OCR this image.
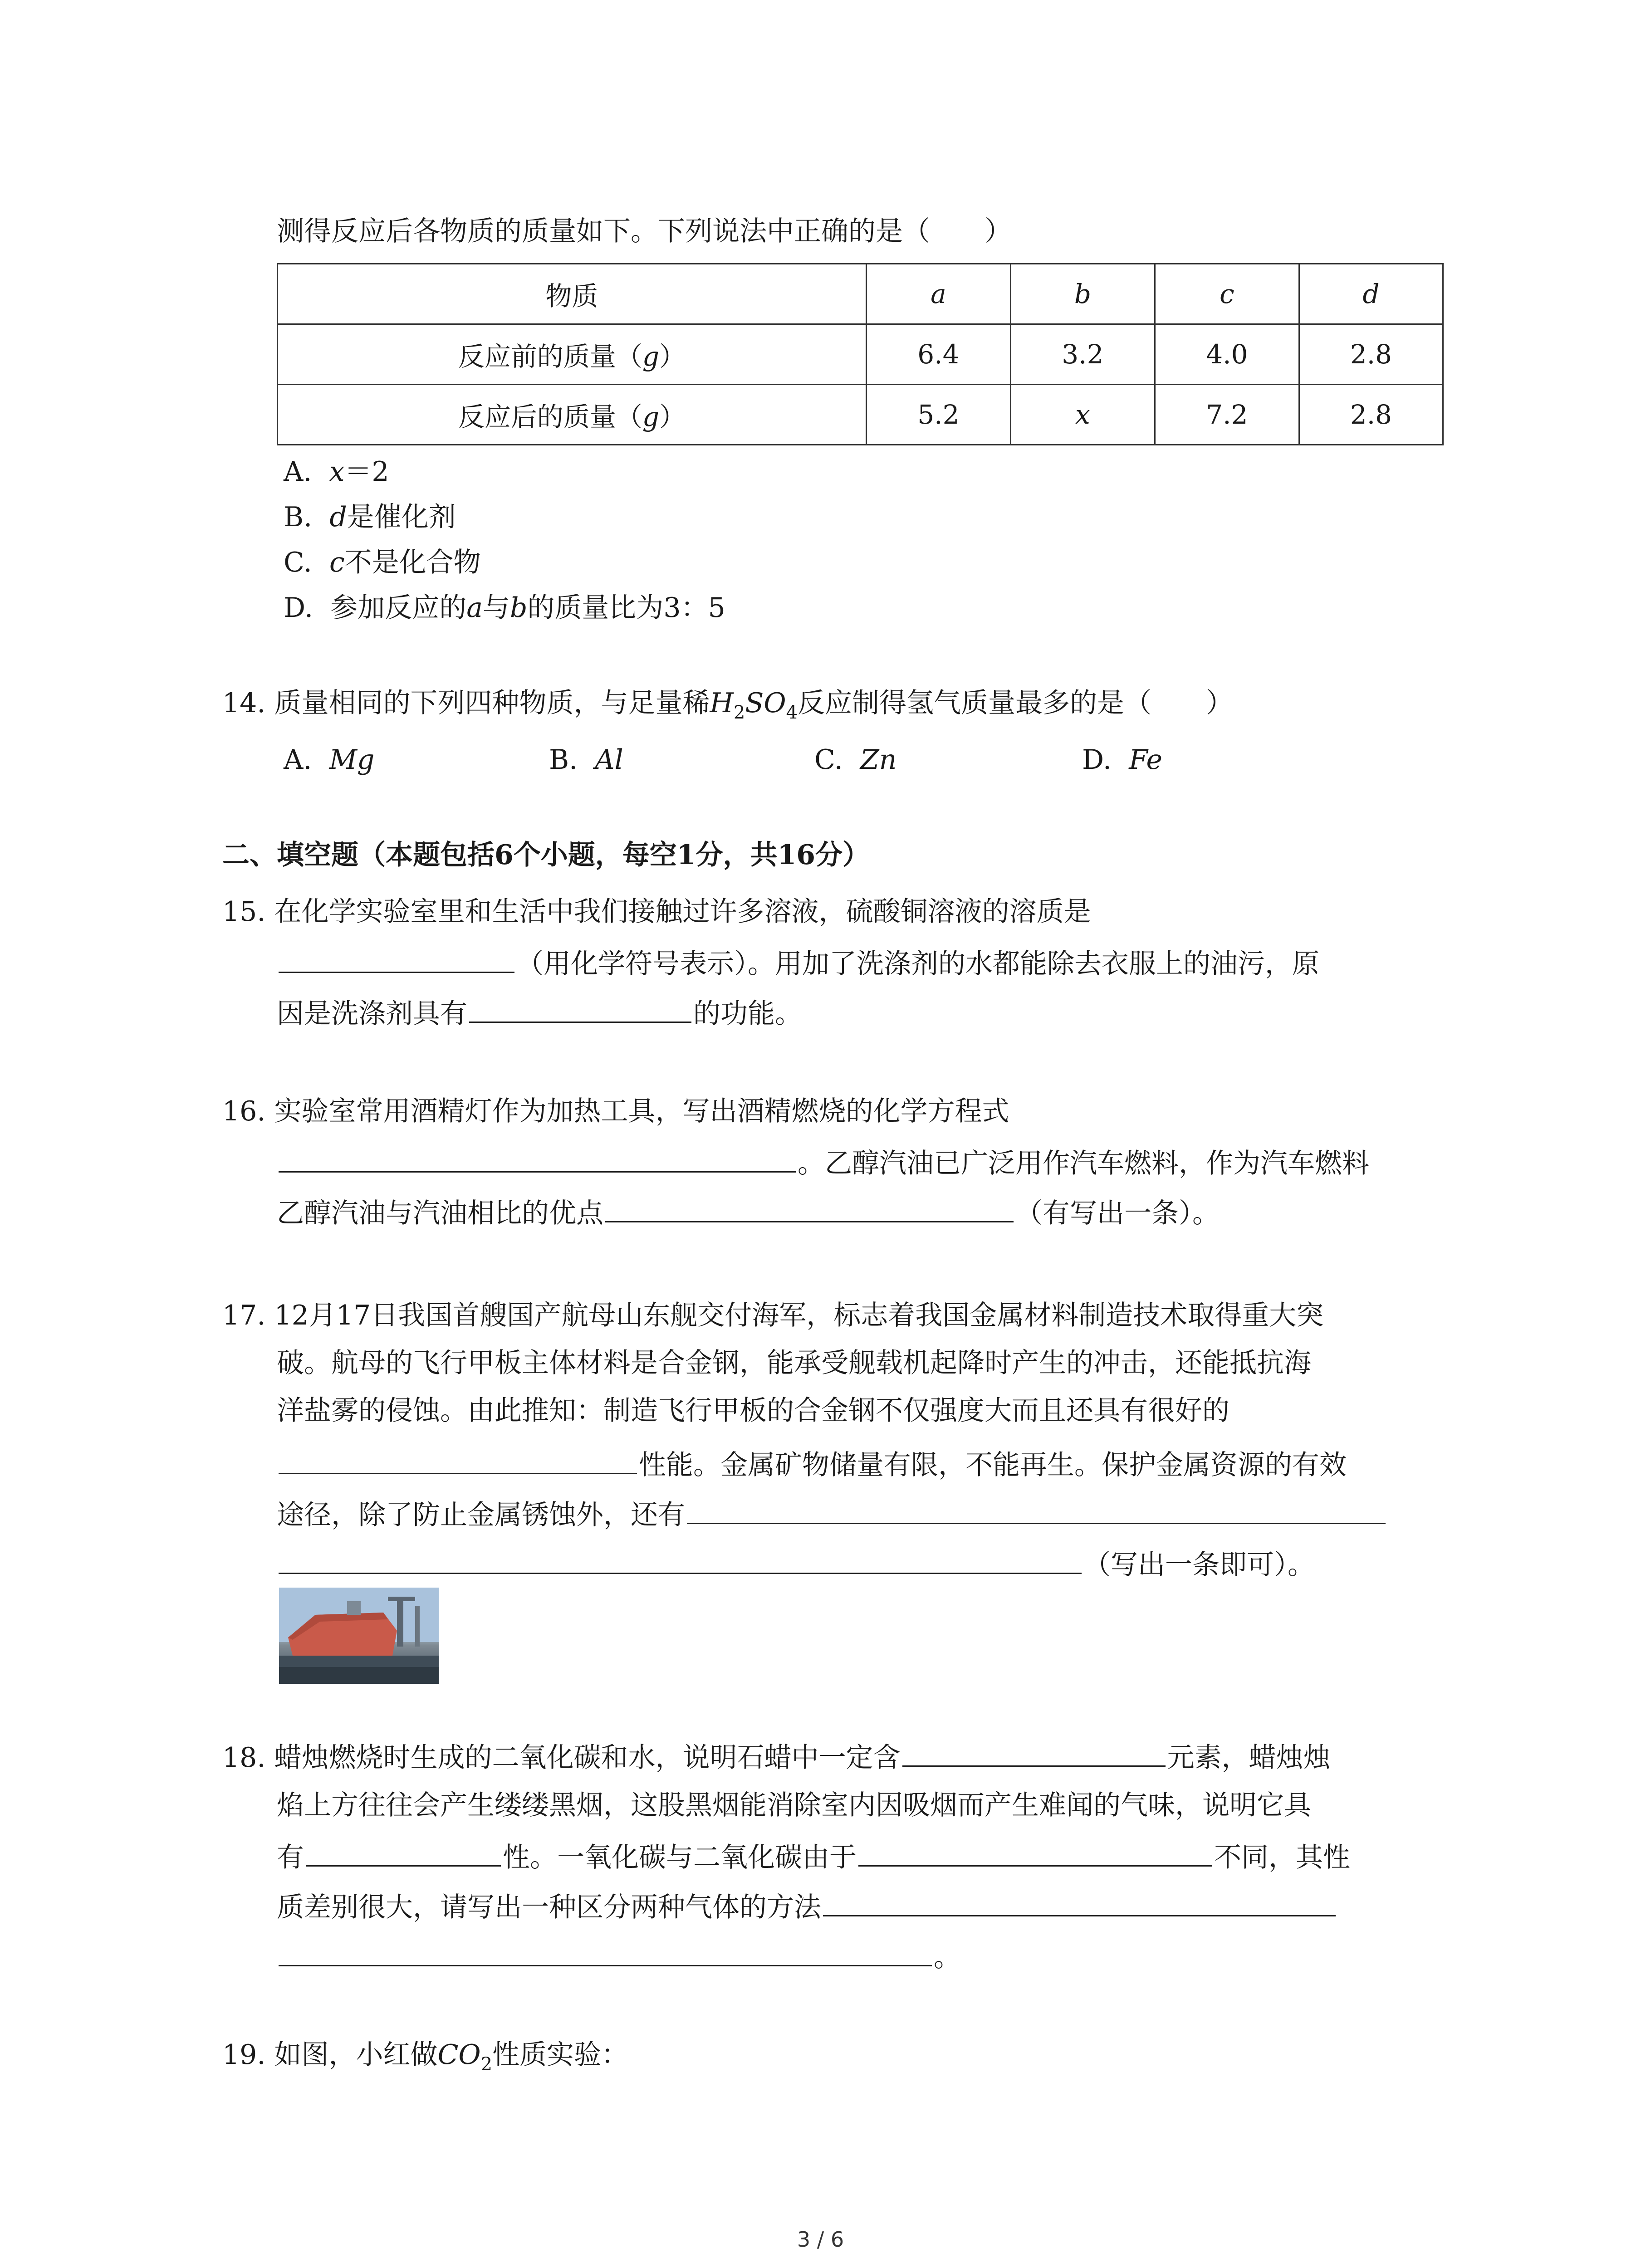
测得反应后各物质的质量如下。下列说法中正确的是（　　）
物质	a	b	c	d
反应前的质量（g）	6.4	3.2	4.0	2.8
反应后的质量（g）	5.2	x	7.2	2.8
A. x＝2
B. d是催化剂
C. c不是化合物
D. 参加反应的a与b的质量比为3：5
14. 质量相同的下列四种物质，与足量稀$H_2SO_4$反应制得氢气质量最多的是（　　）
A. Mg	B. Al	C. Zn	D. Fe
二、填空题（本题包括6个小题，每空1分，共16分）
15. 在化学实验室里和生活中我们接触过许多溶液，硫酸铜溶液的溶质是
（用化学符号表示）。用加了洗涤剂的水都能除去衣服上的油污，原
因是洗涤剂具有	的功能。
16. 实验室常用酒精灯作为加热工具，写出酒精燃烧的化学方程式
。乙醇汽油已广泛用作汽车燃料，作为汽车燃料
乙醇汽油与汽油相比的优点	（有写出一条）。
17. 12月17日我国首艘国产航母山东舰交付海军，标志着我国金属材料制造技术取得重大突
破。航母的飞行甲板主体材料是合金钢，能承受舰载机起降时产生的冲击，还能抵抗海
洋盐雾的侵蚀。由此推知：制造飞行甲板的合金钢不仅强度大而且还具有很好的
性能。金属矿物储量有限，不能再生。保护金属资源的有效
途径，除了防止金属锈蚀外，还有
（写出一条即可）。
18. 蜡烛燃烧时生成的二氧化碳和水，说明石蜡中一定含	元素，蜡烛烛
焰上方往往会产生缕缕黑烟，这股黑烟能消除室内因吸烟而产生难闻的气味，说明它具
有	性。一氧化碳与二氧化碳由于	不同，其性
质差别很大，请写出一种区分两种气体的方法
。
19. 如图，小红做$CO_2$性质实验：
3 / 6
